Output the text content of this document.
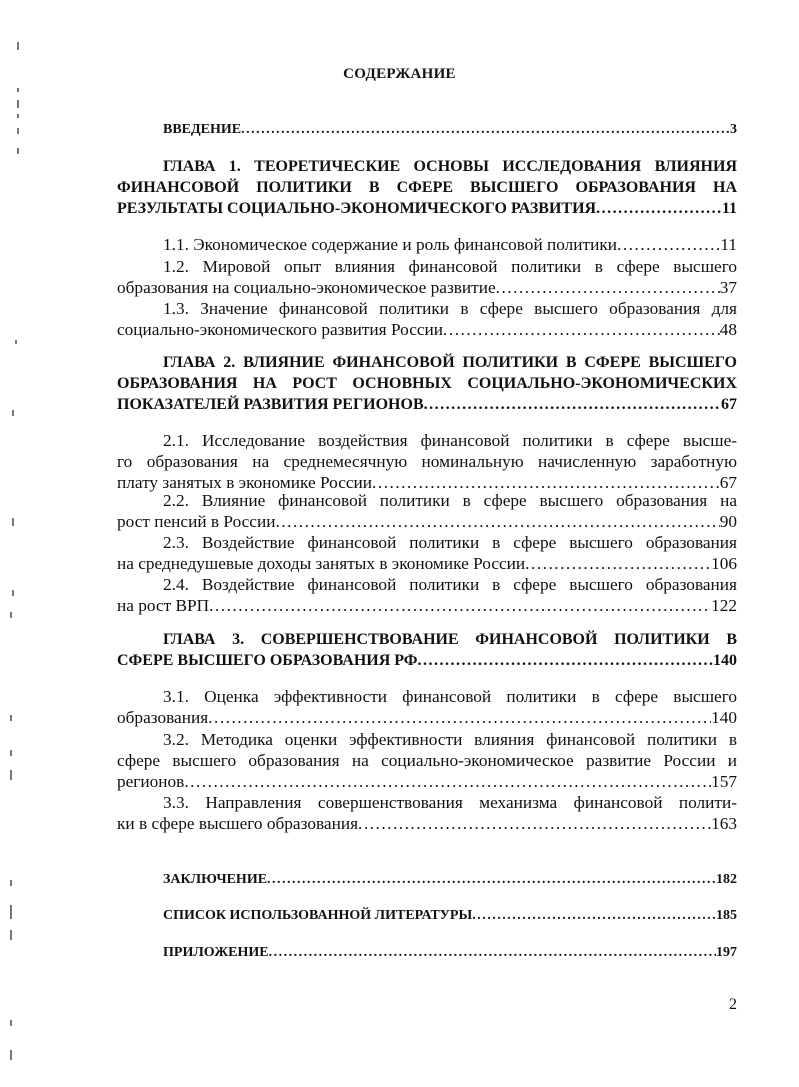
СОДЕРЖАНИЕ
ВВЕДЕНИЕ .....	3
ГЛАВА 1. ТЕОРЕТИЧЕСКИЕ ОСНОВЫ ИССЛЕДОВАНИЯ ВЛИЯНИЯ
ФИНАНСОВОЙ ПОЛИТИКИ В СФЕРЕ ВЫСШЕГО ОБРАЗОВАНИЯ НА
РЕЗУЛЬТАТЫ СОЦИАЛЬНО-ЭКОНОМИЧЕСКОГО РАЗВИТИЯ .....	11
1.1. Экономическое содержание и роль финансовой политики .....	11
1.2. Мировой опыт влияния финансовой политики в сфере высшего
образования на социально-экономическое развитие .....	37
1.3. Значение финансовой политики в сфере высшего образования для
социально-экономического развития России .....	48
ГЛАВА 2. ВЛИЯНИЕ ФИНАНСОВОЙ ПОЛИТИКИ В СФЕРЕ ВЫСШЕГО
ОБРАЗОВАНИЯ НА РОСТ ОСНОВНЫХ СОЦИАЛЬНО-ЭКОНОМИЧЕСКИХ
ПОКАЗАТЕЛЕЙ РАЗВИТИЯ РЕГИОНОВ .....	67
2.1. Исследование воздействия финансовой политики в сфере высше-
го образования на среднемесячную номинальную начисленную заработную
плату занятых в экономике России .....	67
2.2. Влияние финансовой политики в сфере высшего образования на
рост пенсий в России .....	90
2.3. Воздействие финансовой политики в сфере высшего образования
на среднедушевые доходы занятых в экономике России .....	106
2.4. Воздействие финансовой политики в сфере высшего образования
на рост ВРП .....	122
ГЛАВА 3. СОВЕРШЕНСТВОВАНИЕ ФИНАНСОВОЙ ПОЛИТИКИ В
СФЕРЕ ВЫСШЕГО ОБРАЗОВАНИЯ РФ .....	140
3.1. Оценка эффективности финансовой политики в сфере высшего
образования .....	140
3.2. Методика оценки эффективности влияния финансовой политики в
сфере высшего образования на социально-экономическое развитие России и
регионов .....	157
3.3. Направления совершенствования механизма финансовой полити-
ки в сфере высшего образования .....	163
ЗАКЛЮЧЕНИЕ .....	182
СПИСОК ИСПОЛЬЗОВАННОЙ ЛИТЕРАТУРЫ .....	185
ПРИЛОЖЕНИЕ .....	197
2
